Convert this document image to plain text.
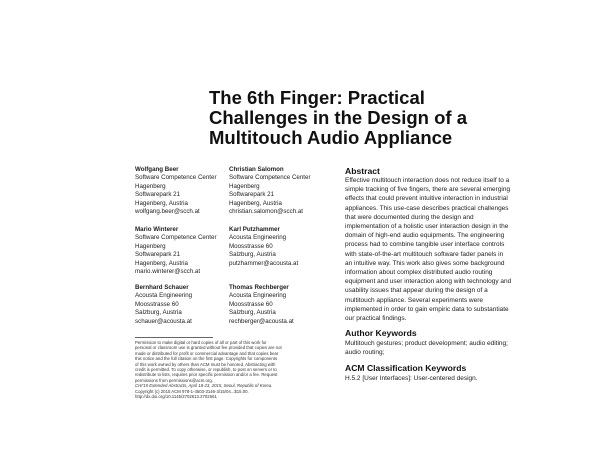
The 6th Finger: Practical
Challenges in the Design of a
Multitouch Audio Appliance
Wolfgang Beer
Software Competence Center
Hagenberg
Softwarepark 21
Hagenberg, Austria
wolfgang.beer@scch.at
Christian Salomon
Software Competence Center
Hagenberg
Softwarepark 21
Hagenberg, Austria
christian.salomon@scch.at
Mario Winterer
Software Competence Center
Hagenberg
Softwarepark 21
Hagenberg, Austria
mario.winterer@scch.at
Karl Putzhammer
Acousta Engineering
Moosstrasse 60
Salzburg, Austria
putzhammer@acousta.at
Bernhard Schauer
Acousta Engineering
Moosstrasse 60
Salzburg, Austria
schauer@acousta.at
Thomas Rechberger
Acousta Engineering
Moosstrasse 60
Salzburg, Austria
rechberger@acousta.at
Permission to make digital or hard copies of all or part of this work for
personal or classroom use is granted without fee provided that copies are not
made or distributed for profit or commercial advantage and that copies bear
this notice and the full citation on the first page. Copyrights for components
of this work owned by others than ACM must be honored. Abstracting with
credit is permitted. To copy otherwise, or republish, to post on servers or to
redistribute to lists, requires prior specific permission and/or a fee. Request
permissions from permissions@acm.org.
CHI'15 Extended Abstracts, April 18-23, 2015, Seoul, Republic of Korea.
Copyright (c) 2015 ACM 978-1-4503-3146-3/15/04...$15.00.
http://dx.doi.org/10.1145/2702613.2702661
Abstract
Effective multitouch interaction does not reduce itself to a
simple tracking of five fingers, there are several emerging
effects that could prevent intuitive interaction in industrial
appliances. This use-case describes practical challenges
that were documented during the design and
implementation of a holistic user interaction design in the
domain of high-end audio equipments. The engineering
process had to combine tangible user interface controls
with state-of-the-art multitouch software fader panels in
an intuitive way. This work also gives some background
information about complex distributed audio routing
equipment and user interaction along with technology and
usability issues that appear during the design of a
multitouch appliance. Several experiments were
implemented in order to gain empiric data to substantiate
our practical findings.
Author Keywords
Multitouch gestures; product development; audio editing;
audio routing;
ACM Classification Keywords
H.5.2 [User Interfaces]: User-centered design.
